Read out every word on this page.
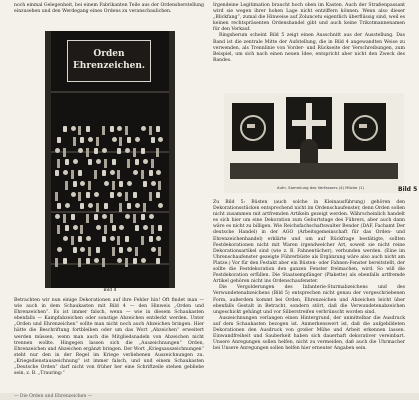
noch einmal Gelegenheit, bei einem Fabrikanten Teile aus der Ordensherstellung einzusehen und den Werdegang eines Ordens zu veranschaulichen.

Orden
Ehrenzeichen.
Bild 4

Betrachten wir nun einige Dekorationen auf ihre Fehler hin! Oft findet man — wie auch in dem Schaukasten mit Bild 4 — den Hinweis „Orden und Ehrenzeichen“. Es ist immer falsch, wenn — wie in diesem Schaukasten ebenfalls — Kampfabzeichen oder sonstige Abzeichen entdeckt werden. Unter „Orden und Ehrenzeichen“ sollte man nicht noch auch Abzeichen bringen. Hier hätte die Beschriftung fortbleiben oder um das Wort „Abzeichen“ erweitert werden müssen, wenn man auch die Mitgliedsnadeln von Abzeichen nicht trennen wollte. Hingegen lassen sich die „Auszeichnungen“ Orden, Ehrenzeichen und Abzeichen ergänzt bringen. Der Wort „Kriegsauszeichnungen“ steht nur den in der Regel im Kriege verliehenen Auszeichnungen zu. „Kriegsdienstauszeichnung“ ist immer falsch, und und einem Schaukasten „Deutsche Orden“ darf nicht von früher her eine Schriftzeile stehen gebliebe sein, z. B. „Trauring:“

Irgendeine Legitimation braucht hoch oben im Kasten. Auch der Straßenpassant wird sie wegen ihrer hohen Lage nicht entziffern können. Wenn also dieser „Blickfang“, zumal die Hinweise auf Zoluncetu eigentlich überflüssig sind, weil es keinen rechtspräsenten Ordenshandel gibt und auch keine Trikotmannenamen für den Verkauf.

Ringsherum scheint Bild 5 zeigt einen Ausschnitt aus der Ausstellung. Das Band ist die zentrale Mitte der Aufstellung, die in Bild 4 angewandten Weise zu verwenden, als Trennlinie von Vorder- und Rückseite der Verschreibungen, zum Beispiel, um sich nach einen neuen Idee, entspricht aber nicht den Zweck des Bandes.

Aufn. Sammlung des Verfassers (4) Mücke (1)	Bild 5

Zu Bild 5: Büsten (auch solche in Kleinausführung) gehören den Dekorationsstücken entsprechend nicht im Ordenschaufenster, denn Orden sollen nicht zusammen mit artfremden Artikeln gezeigt werden. Währscheinlich handelt es sich hier um eine Dekoration zum Geburtstage des Führers, aber auch dann wäre es nicht zu billigen. Wie Reichsfachschaftswalter Bender (DAF, Fachamt Der deutsche Handel) in der AGO (Arbeitsgemeinschaft für das Orden- und Ehrenzeichenhandel) erklärte und um auf Rückfrage bestätigte, sollten Festdekorationen nicht mit Waren irgendwelcher Art, soweit sie nicht reine Dekorationsartikel sind (wie z. B. Fahnentücher), verbunden werden. (Eine im Uhrenschaufenster gezeigte Führerbüste als Ergänzung wäre also auch nicht am Platze.) Vor für den Festakt aber ein Büsten- oder Fahnen-Fenster bereitstellt, der sollte die Festdekoration den ganzen Fenster freimachen, wird. So will die Festdekoration erfüllen. Die Staatsempfänger (Plakette) als ebenfalls artfremde Artikel gehören nicht ins Ordenschaufenster.

Die Vergolderungen des Infanterie-Sturmabzeichens und des Verwundetenabzeichens (Bild 5) entsprechen nicht genau der vorgeschriebenen Form, außerdem kommt bei Orden, Ehrenzeichen und Abzeichen leicht über ebenfalls Gestalt in Betracht, sondern stört, daß die Verwundetenabzeichen ungeschickt gehängt und vor Silberstreifen verbrünscht worden sind.

Auszeichnungen verlangen einen Hintergrund, der unmittelbar die Ausdruck auf dem Schaukasten bezogen ist. Anmerkenswert ist, daß die aufgebildeten Dekorationen den Ausdruck von großer Mühe und Arbeit erkennen lassen. Einwandfreiheit und Sauberkeit haben sich dauerhaft dekorativer vereinbart. Unsere Anregungen sollen helfen, nicht zu vermeiden, daß auch die Uhrmacher bei Unsere Anregungen sollen helfen hier erneuter Angaben sein.

— Die Orden und Ehrenzeichen —
